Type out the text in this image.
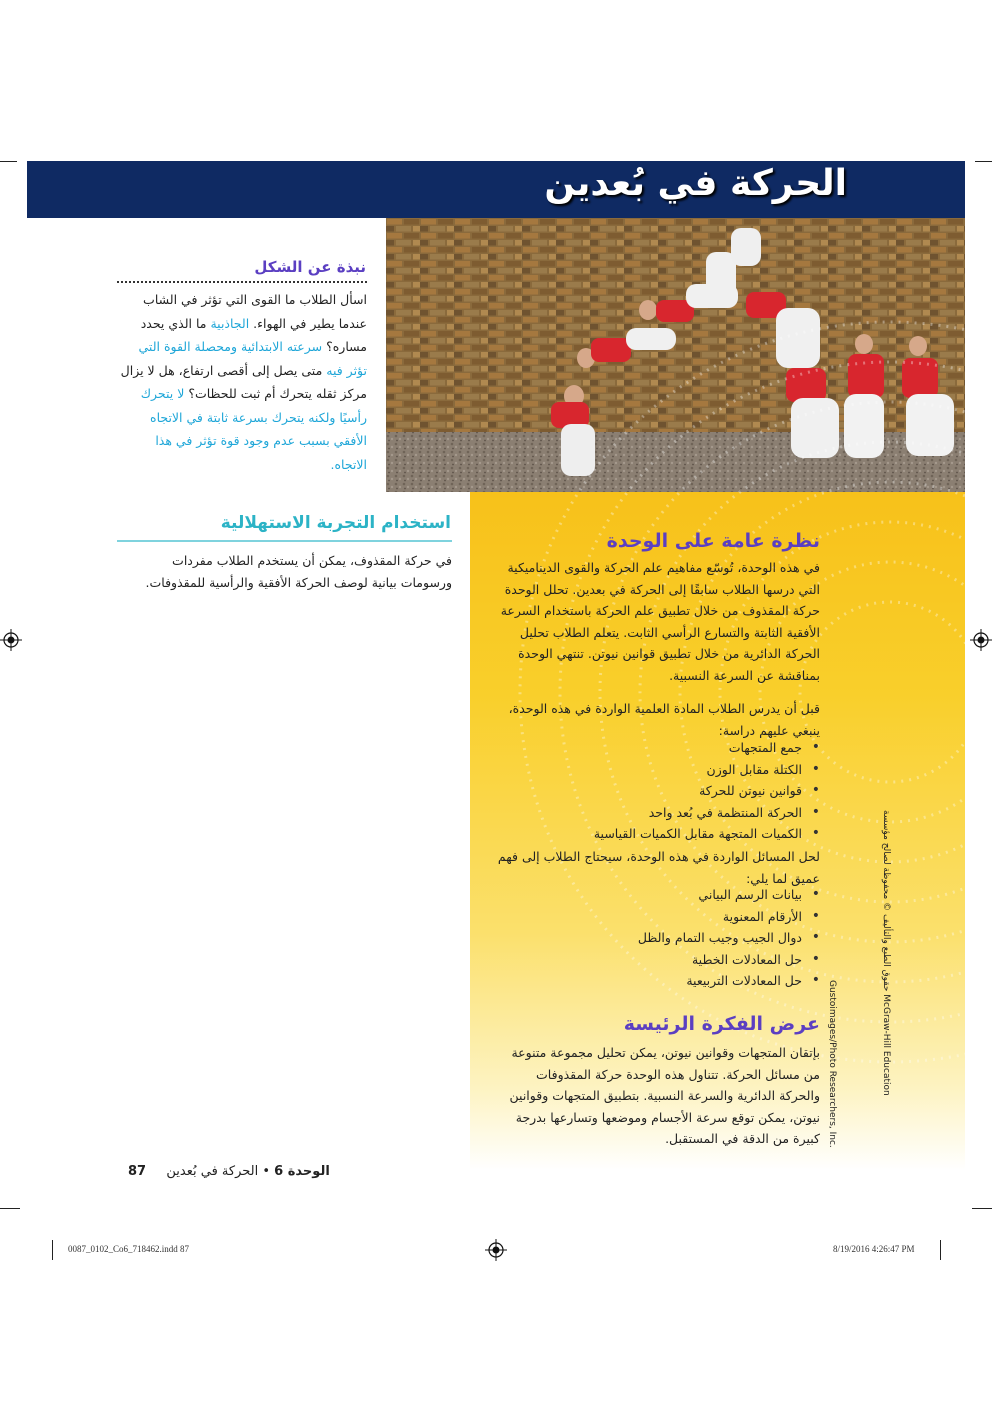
الحركة في بُعدين
نبذة عن الشكل
اسأل الطلاب ما القوى التي تؤثر في الشاب عندما يطير في الهواء. الجاذبية ما الذي يحدد مساره؟ سرعته الابتدائية ومحصلة القوة التي تؤثر فيه متى يصل إلى أقصى ارتفاع، هل لا يزال مركز ثقله يتحرك أم ثبت للحظات؟ لا يتحرك رأسيًا ولكنه يتحرك بسرعة ثابتة في الاتجاه الأفقي بسبب عدم وجود قوة تؤثر في هذا الاتجاه.
استخدام التجربة الاستهلالية
في حركة المقذوف، يمكن أن يستخدم الطلاب مفردات ورسومات بيانية لوصف الحركة الأفقية والرأسية للمقذوفات.
نظرة عامة على الوحدة
في هذه الوحدة، تُوسّع مفاهيم علم الحركة والقوى الديناميكية التي درسها الطلاب سابقًا إلى الحركة في بعدين. تحلل الوحدة حركة المقذوف من خلال تطبيق علم الحركة باستخدام السرعة الأفقية الثابتة والتسارع الرأسي الثابت. يتعلم الطلاب تحليل الحركة الدائرية من خلال تطبيق قوانين نيوتن. تنتهي الوحدة بمناقشة عن السرعة النسبية.
قبل أن يدرس الطلاب المادة العلمية الواردة في هذه الوحدة، ينبغي عليهم دراسة:
• جمع المتجهات
• الكتلة مقابل الوزن
• قوانين نيوتن للحركة
• الحركة المنتظمة في بُعد واحد
• الكميات المتجهة مقابل الكميات القياسية
لحل المسائل الواردة في هذه الوحدة، سيحتاج الطلاب إلى فهم عميق لما يلي:
• بيانات الرسم البياني
• الأرقام المعنوية
• دوال الجيب وجيب التمام والظل
• حل المعادلات الخطية
• حل المعادلات التربيعية
عرض الفكرة الرئيسة
بإتقان المتجهات وقوانين نيوتن، يمكن تحليل مجموعة متنوعة من مسائل الحركة. تتناول هذه الوحدة حركة المقذوفات والحركة الدائرية والسرعة النسبية. بتطبيق المتجهات وقوانين نيوتن، يمكن توقع سرعة الأجسام وموضعها وتسارعها بدرجة كبيرة من الدقة في المستقبل.
حقوق الطبع والتأليف © محفوظة لصالح مؤسسة McGraw-Hill Education
Gustoimages/Photo Researchers, Inc.
87 الحركة في بُعدين • الوحدة 6
0087_0102_Co6_718462.indd 87	8/19/2016 4:26:47 PM
